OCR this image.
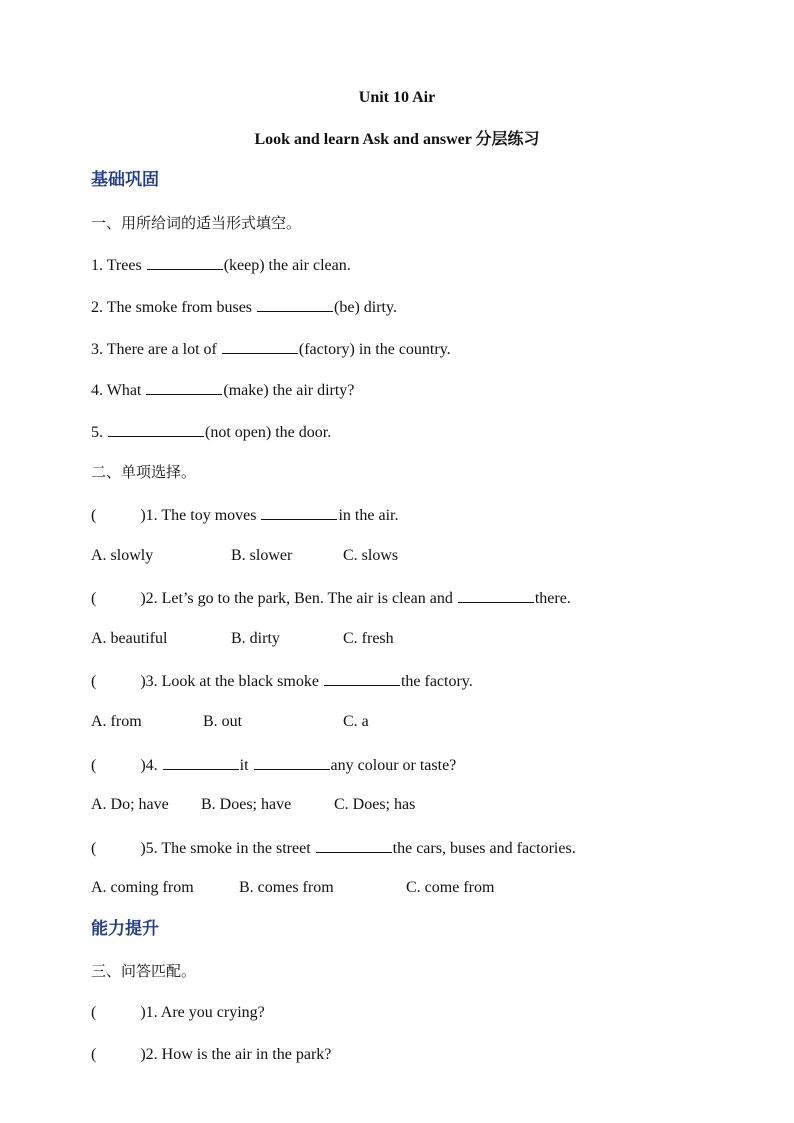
Unit 10 Air
Look and learn Ask and answer 分层练习
基础巩固
一、用所给词的适当形式填空。
1. Trees	(keep) the air clean.
2. The smoke from buses	(be) dirty.
3. There are a lot of	(factory) in the country.
4. What	(make) the air dirty?
5.	(not open) the door.
二、单项选择。
(	)1. The toy moves	in the air.
A. slowly	B. slower	C. slows
(	)2. Let’s go to the park, Ben. The air is clean and	there.
A. beautiful	B. dirty	C. fresh
(	)3. Look at the black smoke	the factory.
A. from	B. out	C. a
(	)4.	it	any colour or taste?
A. Do; have B. Does; have	C. Does; has
(	)5. The smoke in the street	the cars, buses and factories.
A. coming from	B. comes from	C. come from
能力提升
三、问答匹配。
(	)1. Are you crying?
(	)2. How is the air in the park?
